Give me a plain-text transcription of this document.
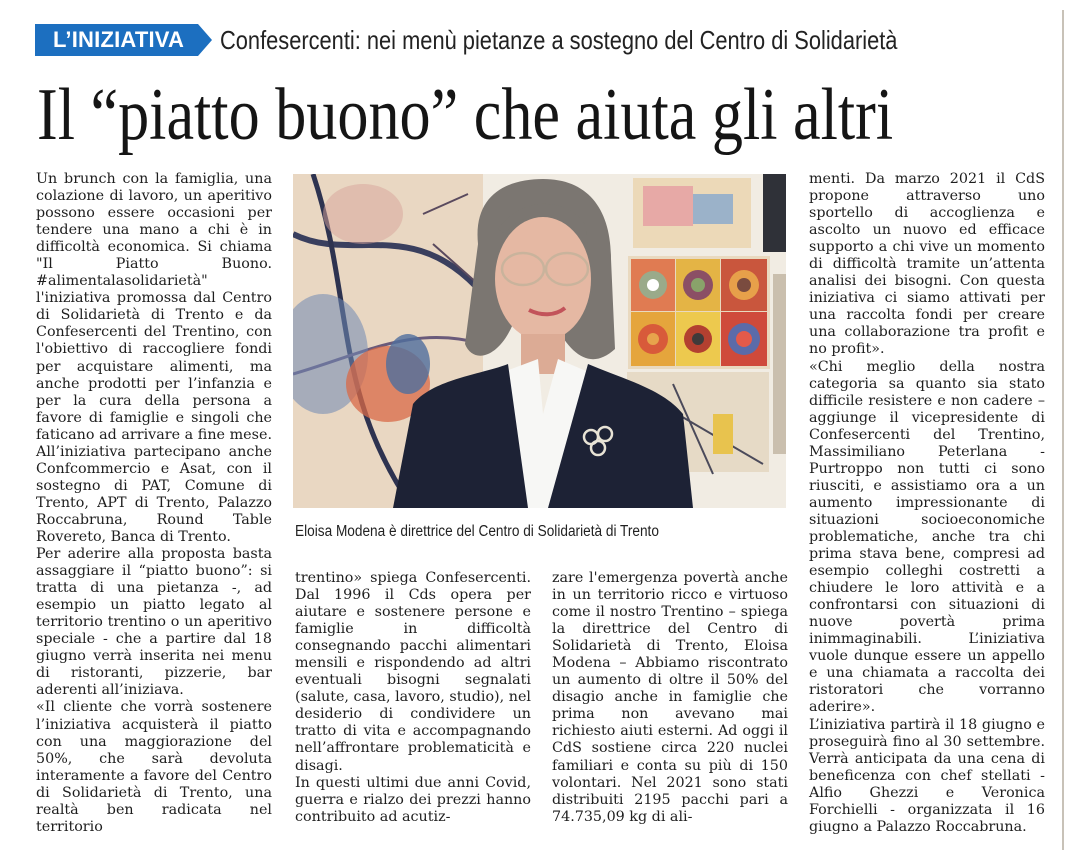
L’INIZIATIVA	Confesercenti: nei menù pietanze a sostegno del Centro di Solidarietà
Il “piatto buono” che aiuta gli altri

Un brunch con la famiglia, una colazione di lavoro, un aperitivo possono essere occasioni per tendere una mano a chi è in difficoltà economica. Si chiama "Il Piatto Buono. #alimentalasolidarietà" l'iniziativa promossa dal Centro di Solidarietà di Trento e da Confesercenti del Trentino, con l'obiettivo di raccogliere fondi per acquistare alimenti, ma anche prodotti per l’infanzia e per la cura della persona a favore di famiglie e singoli che faticano ad arrivare a fine mese. All’iniziativa partecipano anche Confcommercio e Asat, con il sostegno di PAT, Comune di Trento, APT di Trento, Palazzo Roccabruna, Round Table Rovereto, Banca di Trento.

Per aderire alla proposta basta assaggiare il “piatto buono”: si tratta di una pietanza -, ad esempio un piatto legato al territorio trentino o un aperitivo speciale - che a partire dal 18 giugno verrà inserita nei menu di ristoranti, pizzerie, bar aderenti all’iniziava.

«Il cliente che vorrà sostenere l’iniziativa acquisterà il piatto con una maggiorazione del 50%, che sarà devoluta interamente a favore del Centro di Solidarietà di Trento, una realtà ben radicata nel territorio

Eloisa Modena è direttrice del Centro di Solidarietà di Trento

trentino» spiega Confesercenti. Dal 1996 il Cds opera per aiutare e sostenere persone e famiglie in difficoltà consegnando pacchi alimentari mensili e rispondendo ad altri eventuali bisogni segnalati (salute, casa, lavoro, studio), nel desiderio di condividere un tratto di vita e accompagnando nell’affrontare problematicità e disagi.

In questi ultimi due anni Covid, guerra e rialzo dei prezzi hanno contribuito ad acutiz-

zare l'emergenza povertà anche in un territorio ricco e virtuoso come il nostro Trentino – spiega la direttrice del Centro di Solidarietà di Trento, Eloisa Modena – Abbiamo riscontrato un aumento di oltre il 50% del disagio anche in famiglie che prima non avevano mai richiesto aiuti esterni. Ad oggi il CdS sostiene circa 220 nuclei familiari e conta su più di 150 volontari. Nel 2021 sono stati distribuiti 2195 pacchi pari a 74.735,09 kg di ali-

menti. Da marzo 2021 il CdS propone attraverso uno sportello di accoglienza e ascolto un nuovo ed efficace supporto a chi vive un momento di difficoltà tramite un’attenta analisi dei bisogni. Con questa iniziativa ci siamo attivati per una raccolta fondi per creare una collaborazione tra profit e no profit».

«Chi meglio della nostra categoria sa quanto sia stato difficile resistere e non cadere – aggiunge il vicepresidente di Confesercenti del Trentino, Massimiliano Peterlana - Purtroppo non tutti ci sono riusciti, e assistiamo ora a un aumento impressionante di situazioni socioeconomiche problematiche, anche tra chi prima stava bene, compresi ad esempio colleghi costretti a chiudere le loro attività e a confrontarsi con situazioni di nuove povertà prima inimmaginabili. L’iniziativa vuole dunque essere un appello e una chiamata a raccolta dei ristoratori che vorranno aderire».

L’iniziativa partirà il 18 giugno e proseguirà fino al 30 settembre. Verrà anticipata da una cena di beneficenza con chef stellati - Alfio Ghezzi e Veronica Forchielli - organizzata il 16 giugno a Palazzo Roccabruna.
